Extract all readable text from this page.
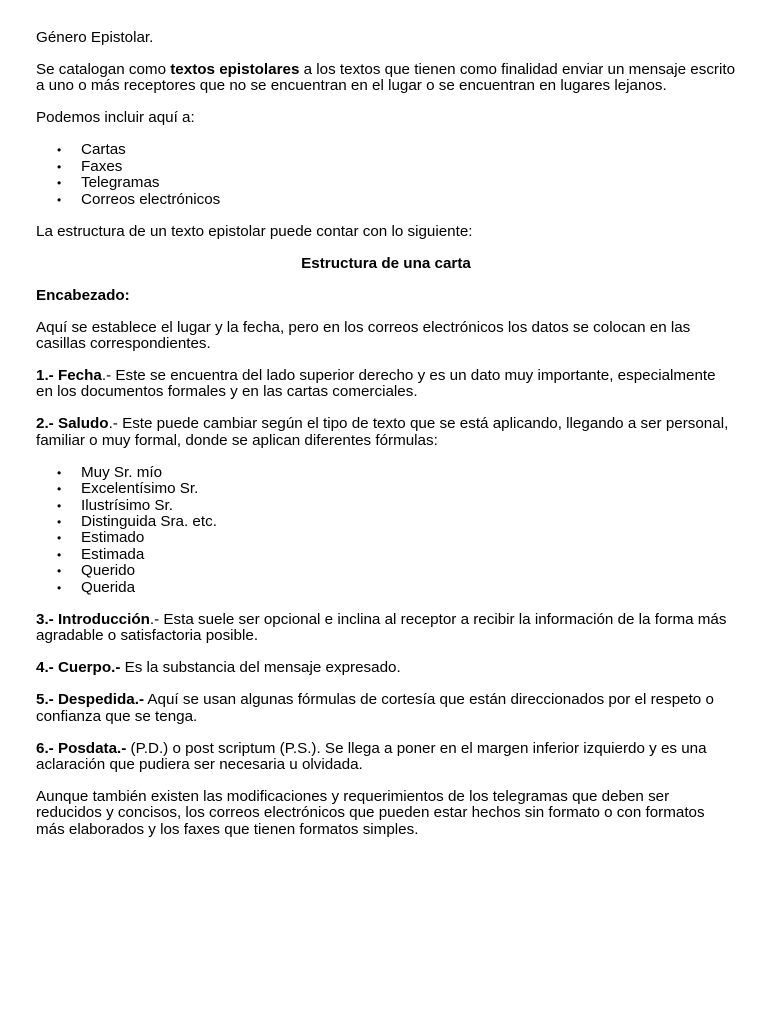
Género Epistolar.

Se catalogan como textos epistolares a los textos que tienen como finalidad enviar un mensaje escrito a uno o más receptores que no se encuentran en el lugar o se encuentran en lugares lejanos.

Podemos incluir aquí a:

• Cartas
• Faxes
• Telegramas
• Correos electrónicos

La estructura de un texto epistolar puede contar con lo siguiente:

Estructura de una carta

Encabezado:

Aquí se establece el lugar y la fecha, pero en los correos electrónicos los datos se colocan en las casillas correspondientes.

1.- Fecha.- Este se encuentra del lado superior derecho y es un dato muy importante, especialmente en los documentos formales y en las cartas comerciales.

2.- Saludo.- Este puede cambiar según el tipo de texto que se está aplicando, llegando a ser personal, familiar o muy formal, donde se aplican diferentes fórmulas:

• Muy Sr. mío
• Excelentísimo Sr.
• Ilustrísimo Sr.
• Distinguida Sra. etc.
• Estimado
• Estimada
• Querido
• Querida

3.- Introducción.- Esta suele ser opcional e inclina al receptor a recibir la información de la forma más agradable o satisfactoria posible.

4.- Cuerpo.- Es la substancia del mensaje expresado.

5.- Despedida.- Aquí se usan algunas fórmulas de cortesía que están direccionados por el respeto o confianza que se tenga.

6.- Posdata.- (P.D.) o post scriptum (P.S.). Se llega a poner en el margen inferior izquierdo y es una aclaración que pudiera ser necesaria u olvidada.

Aunque también existen las modificaciones y requerimientos de los telegramas que deben ser reducidos y concisos, los correos electrónicos que pueden estar hechos sin formato o con formatos más elaborados y los faxes que tienen formatos simples.
